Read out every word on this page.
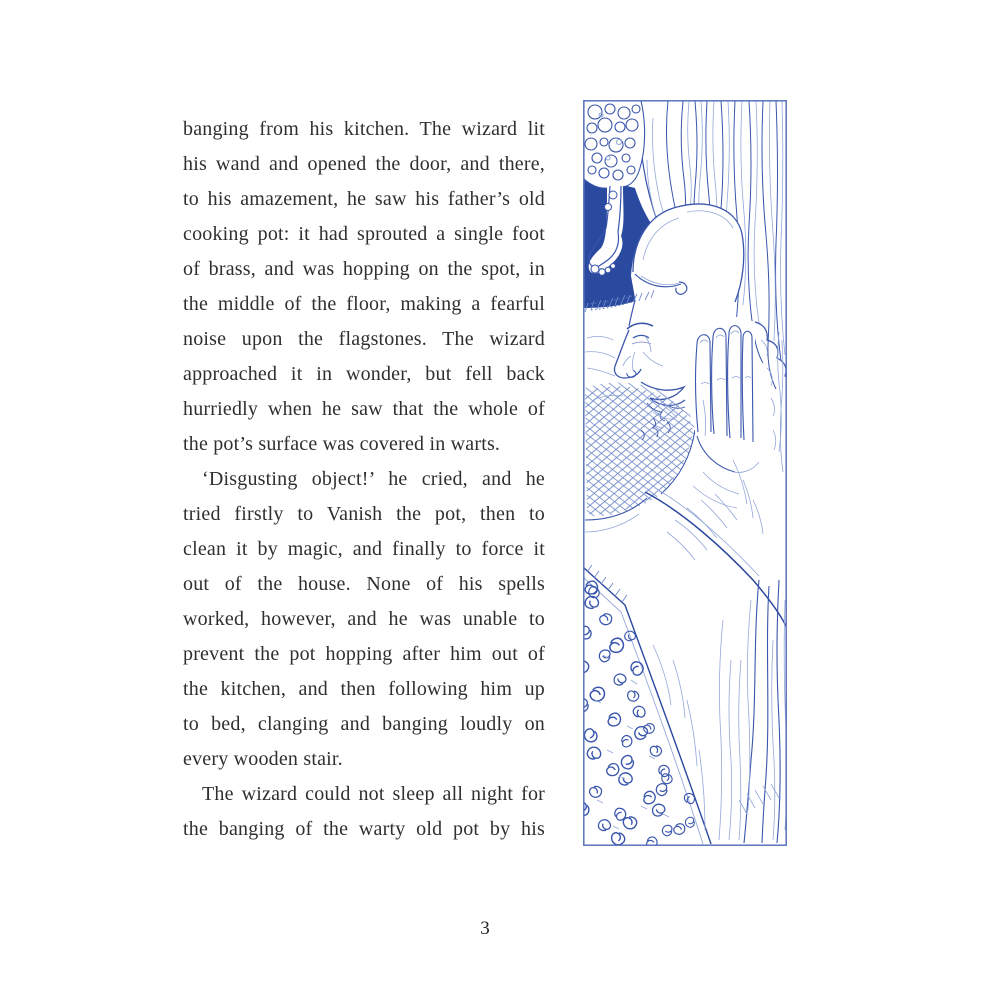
banging from his kitchen. The wizard lit
his wand and opened the door, and there,
to his amazement, he saw his father’s old
cooking pot: it had sprouted a single foot
of brass, and was hopping on the spot, in
the middle of the floor, making a fearful
noise upon the flagstones. The wizard
approached it in wonder, but fell back
hurriedly when he saw that the whole of
the pot’s surface was covered in warts.
‘Disgusting object!’ he cried, and he
tried firstly to Vanish the pot, then to
clean it by magic, and finally to force it
out of the house. None of his spells
worked, however, and he was unable to
prevent the pot hopping after him out of
the kitchen, and then following him up
to bed, clanging and banging loudly on
every wooden stair.
The wizard could not sleep all night for
the banging of the warty old pot by his
3
